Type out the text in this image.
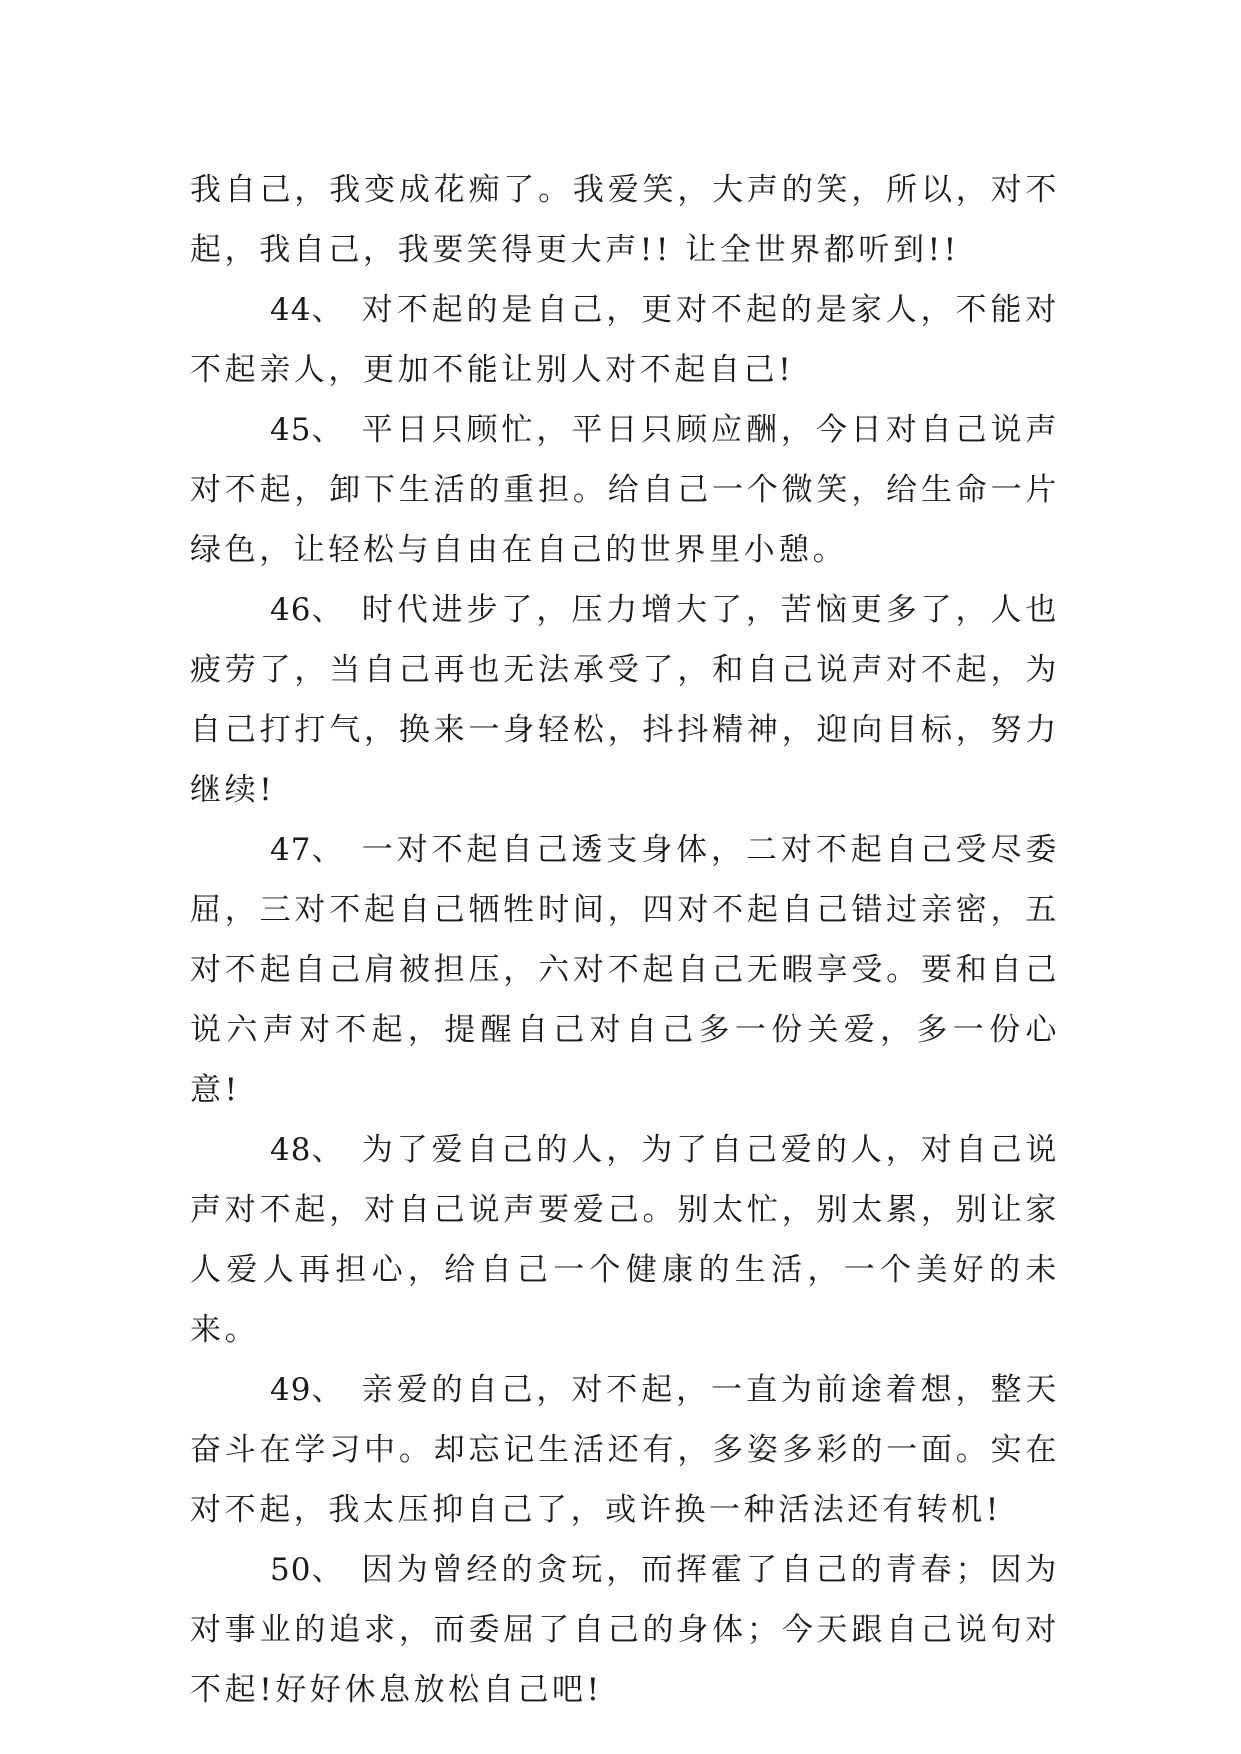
我自己，我变成花痴了。我爱笑，大声的笑，所以，对不起，我自己，我要笑得更大声!! 让全世界都听到!!

44、 对不起的是自己，更对不起的是家人，不能对不起亲人，更加不能让别人对不起自己!

45、 平日只顾忙，平日只顾应酬，今日对自己说声对不起，卸下生活的重担。给自己一个微笑，给生命一片绿色，让轻松与自由在自己的世界里小憩。

46、 时代进步了，压力增大了，苦恼更多了，人也疲劳了，当自己再也无法承受了，和自己说声对不起，为自己打打气，换来一身轻松，抖抖精神，迎向目标，努力继续!

47、 一对不起自己透支身体，二对不起自己受尽委屈，三对不起自己牺牲时间，四对不起自己错过亲密，五对不起自己肩被担压，六对不起自己无暇享受。要和自己说六声对不起，提醒自己对自己多一份关爱，多一份心意!

48、 为了爱自己的人，为了自己爱的人，对自己说声对不起，对自己说声要爱己。别太忙，别太累，别让家人爱人再担心，给自己一个健康的生活，一个美好的未来。

49、 亲爱的自己，对不起，一直为前途着想，整天奋斗在学习中。却忘记生活还有，多姿多彩的一面。实在对不起，我太压抑自己了，或许换一种活法还有转机!

50、 因为曾经的贪玩，而挥霍了自己的青春；因为对事业的追求，而委屈了自己的身体；今天跟自己说句对不起!好好休息放松自己吧!
